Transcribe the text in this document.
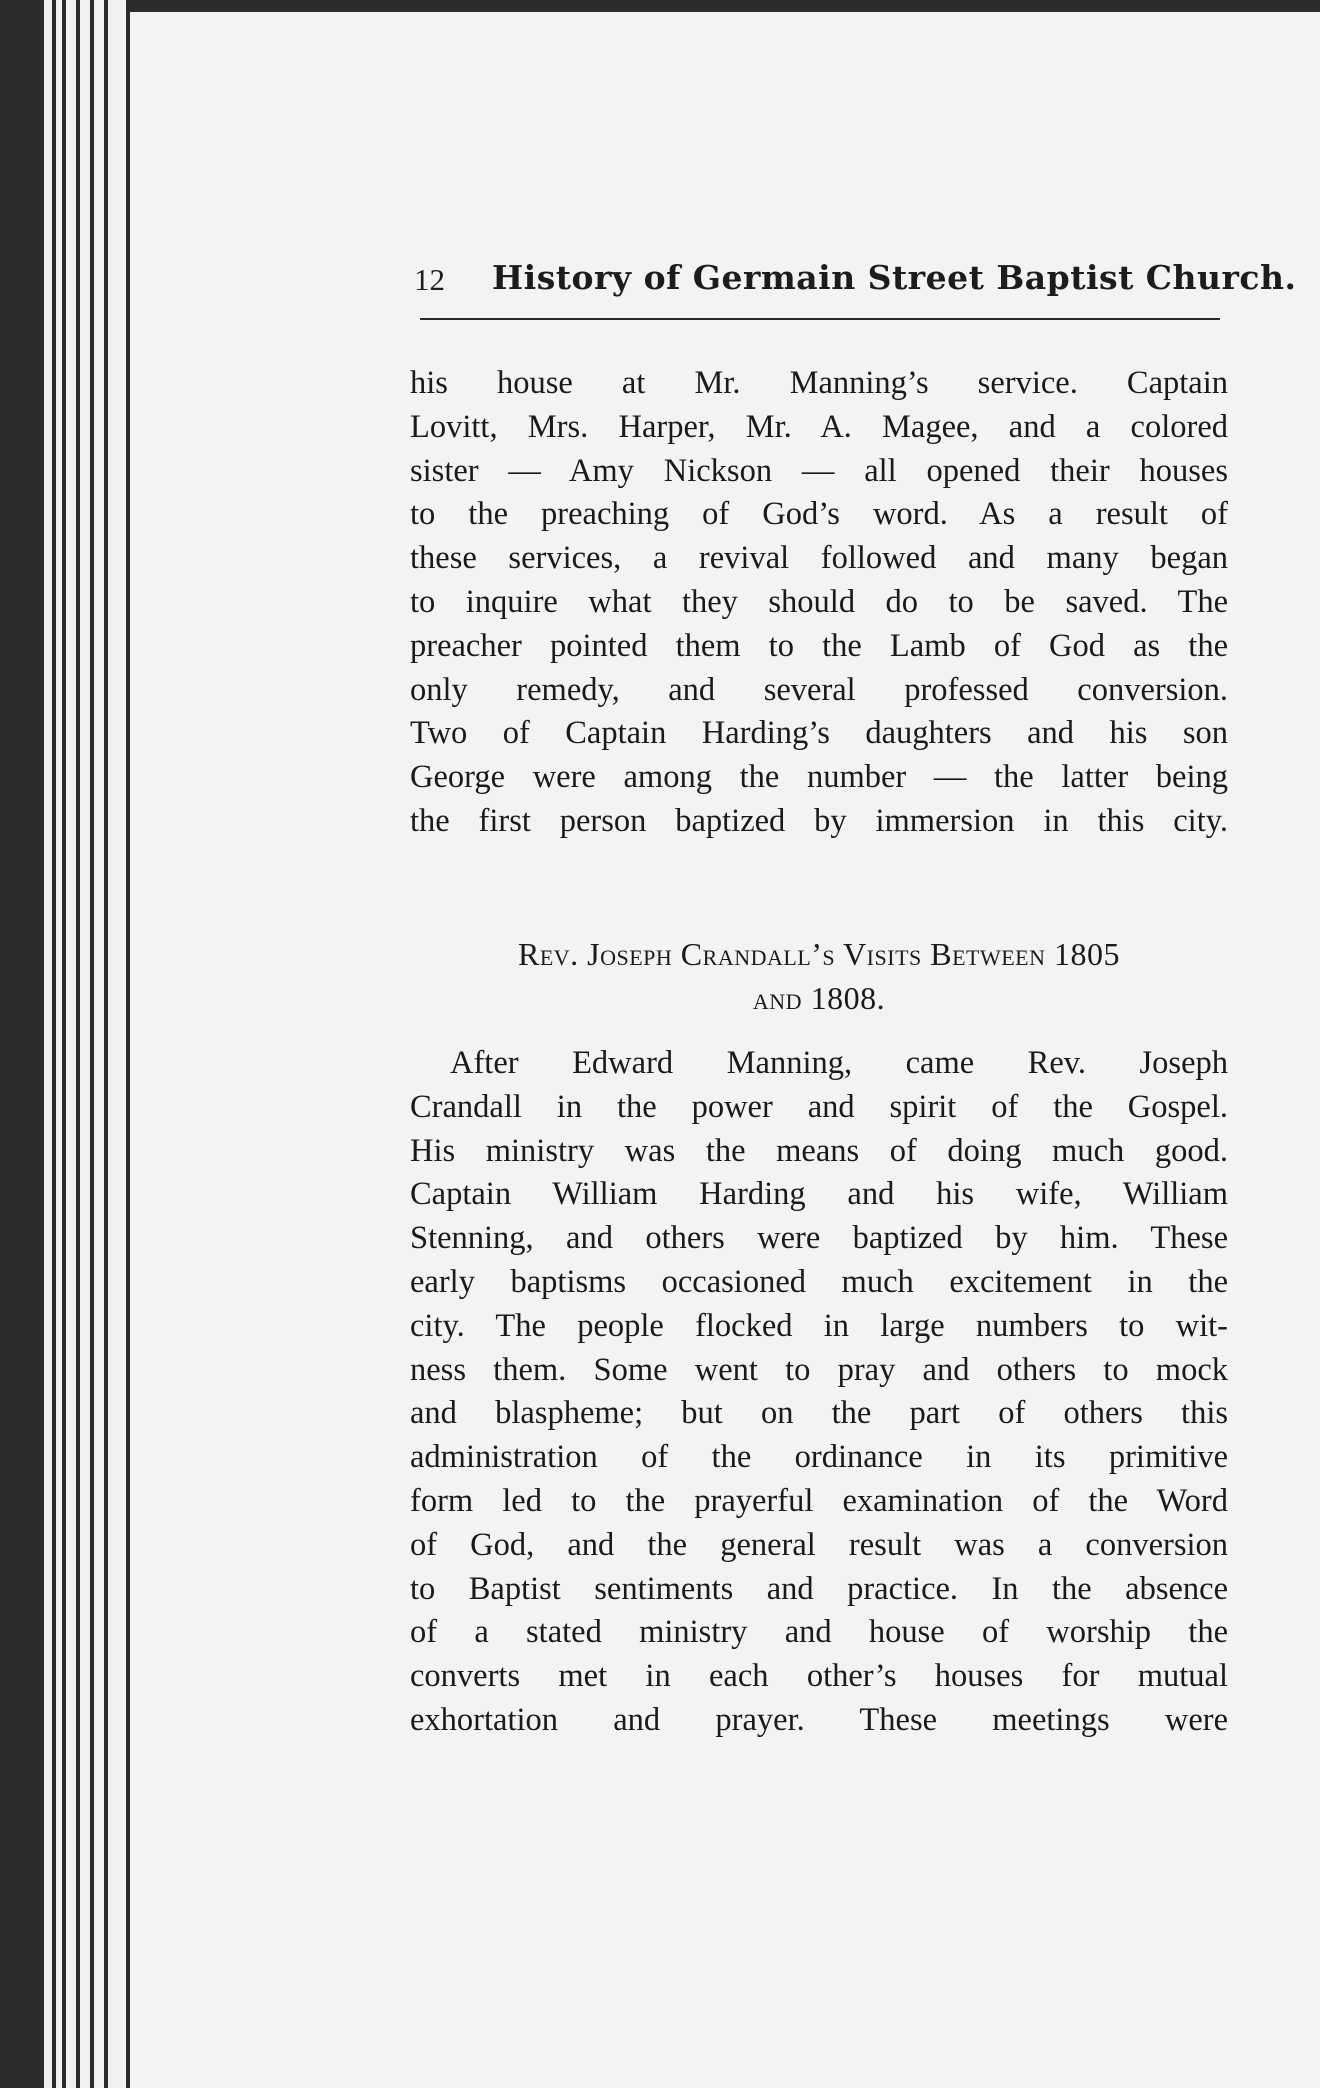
12 History of Germain Street Baptist Church.
his house at Mr. Manning’s service. Captain
Lovitt, Mrs. Harper, Mr. A. Magee, and a colored
sister — Amy Nickson — all opened their houses
to the preaching of God’s word. As a result of
these services, a revival followed and many began
to inquire what they should do to be saved. The
preacher pointed them to the Lamb of God as the
only remedy, and several professed conversion.
Two of Captain Harding’s daughters and his son
George were among the number — the latter being
the first person baptized by immersion in this city.
Rev. Joseph Crandall’s Visits Between 1805
and 1808.
After Edward Manning, came Rev. Joseph
Crandall in the power and spirit of the Gospel.
His ministry was the means of doing much good.
Captain William Harding and his wife, William
Stenning, and others were baptized by him. These
early baptisms occasioned much excitement in the
city. The people flocked in large numbers to wit-
ness them. Some went to pray and others to mock
and blaspheme; but on the part of others this
administration of the ordinance in its primitive
form led to the prayerful examination of the Word
of God, and the general result was a conversion
to Baptist sentiments and practice. In the absence
of a stated ministry and house of worship the
converts met in each other’s houses for mutual
exhortation and prayer. These meetings were
